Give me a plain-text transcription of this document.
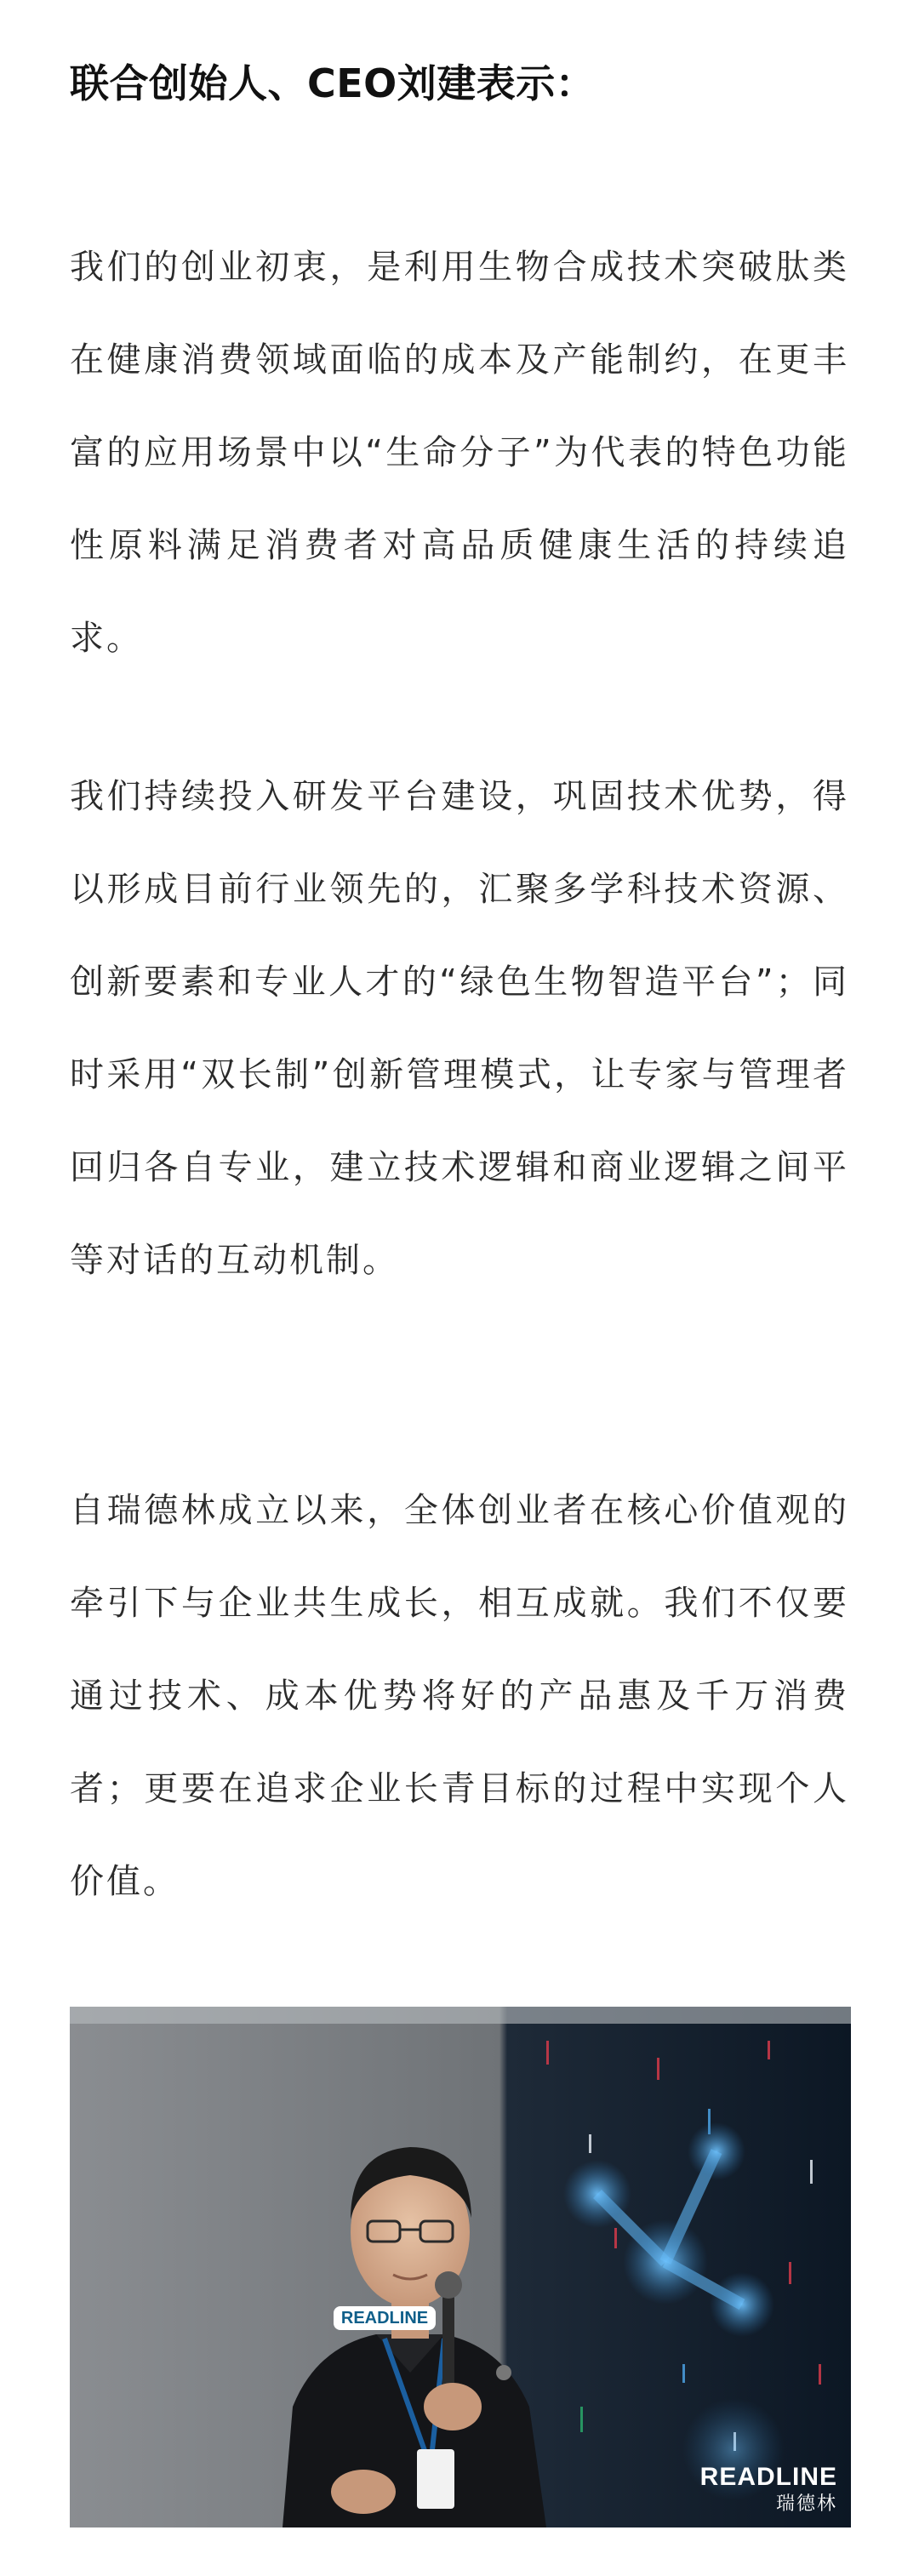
联合创始人、CEO刘建表示：

我们的创业初衷，是利用生物合成技术突破肽类在健康消费领域面临的成本及产能制约，在更丰富的应用场景中以“生命分子”为代表的特色功能性原料满足消费者对高品质健康生活的持续追求。

我们持续投入研发平台建设，巩固技术优势，得以形成目前行业领先的，汇聚多学科技术资源、创新要素和专业人才的“绿色生物智造平台”；同时采用“双长制”创新管理模式，让专家与管理者回归各自专业，建立技术逻辑和商业逻辑之间平等对话的互动机制。

自瑞德林成立以来，全体创业者在核心价值观的牵引下与企业共生成长，相互成就。我们不仅要通过技术、成本优势将好的产品惠及千万消费者；更要在追求企业长青目标的过程中实现个人价值。

READLINE
瑞德林
READLINE
